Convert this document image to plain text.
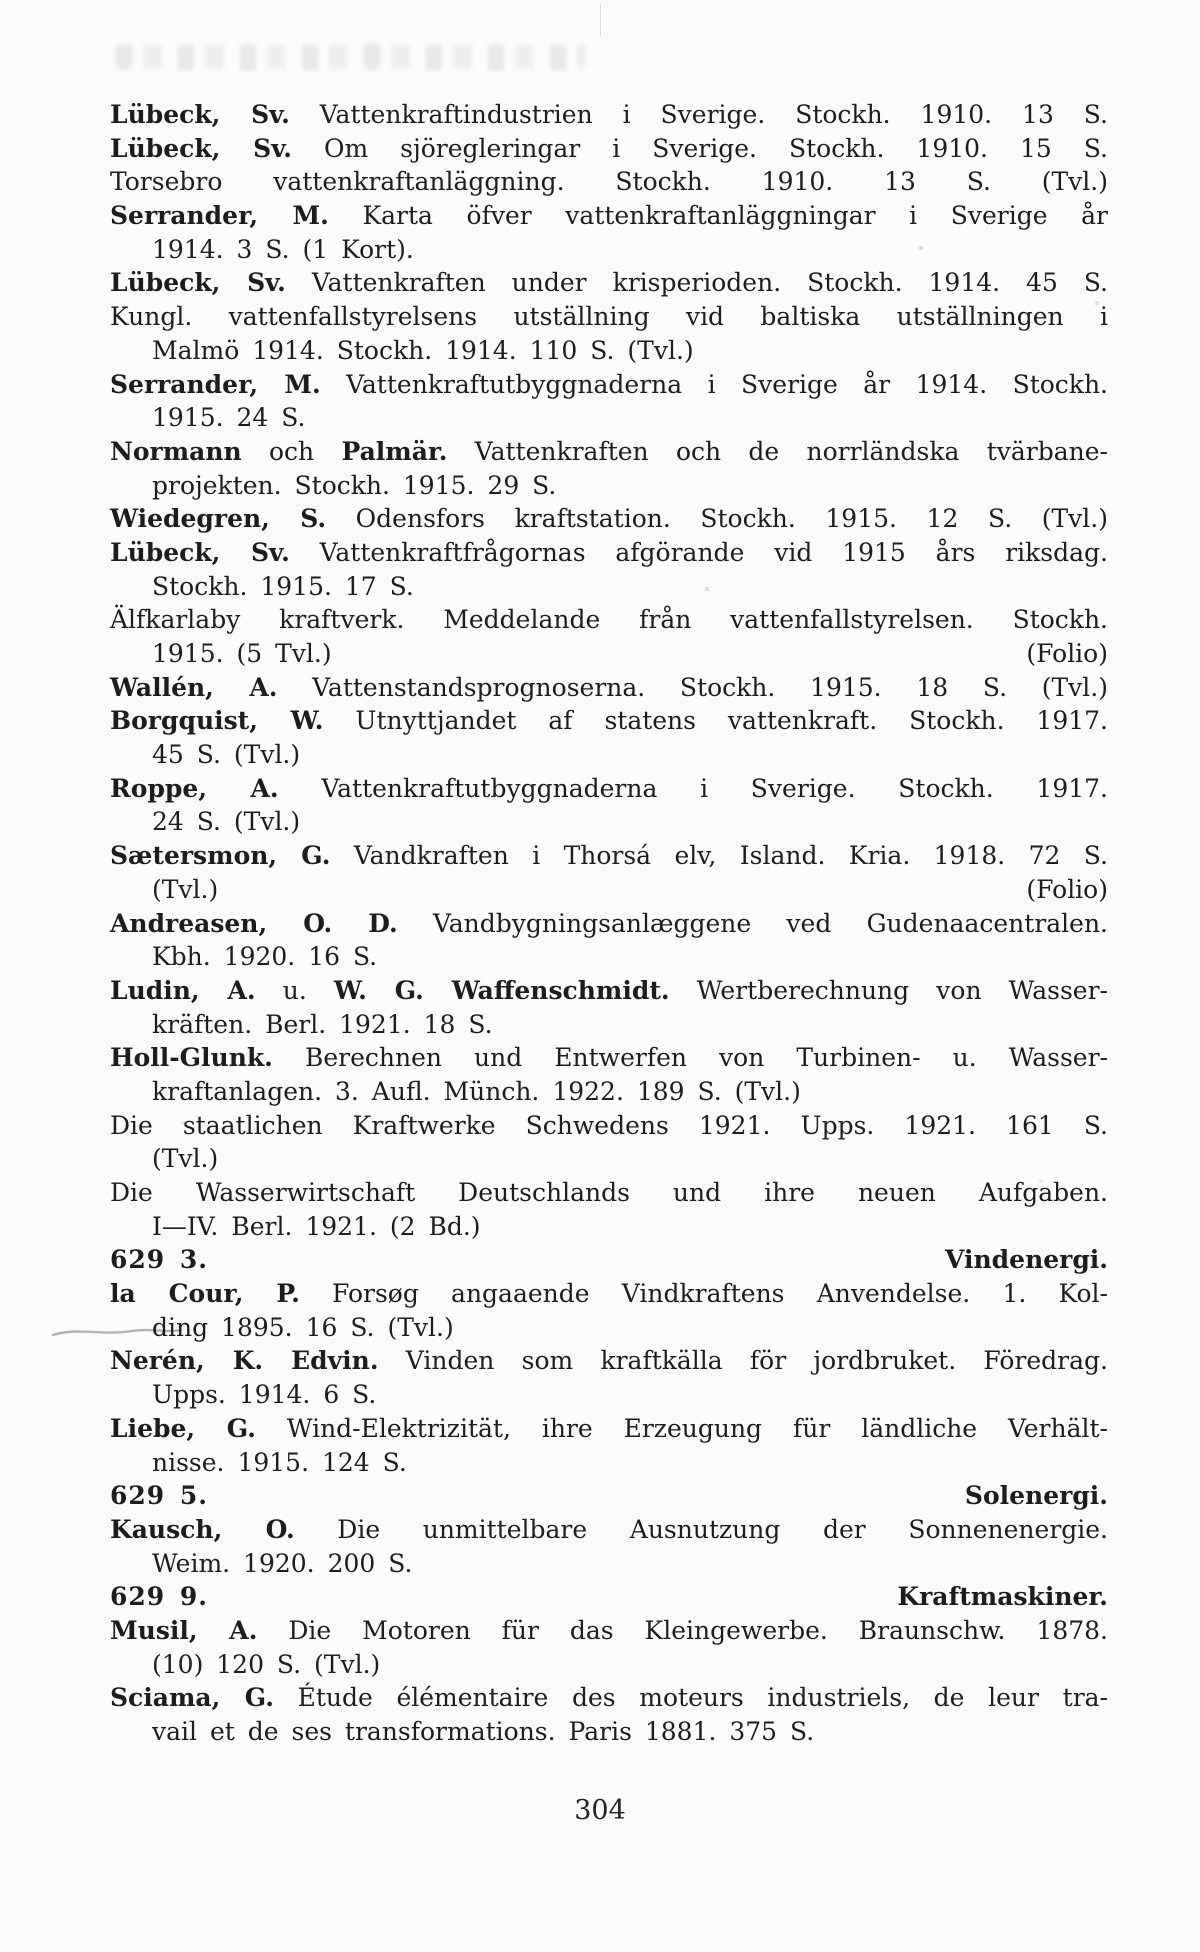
Lübeck, Sv. Vattenkraftindustrien i Sverige. Stockh. 1910. 13 S.
Lübeck, Sv. Om sjöregleringar i Sverige. Stockh. 1910. 15 S.
Torsebro vattenkraftanläggning. Stockh. 1910. 13 S. (Tvl.)
Serrander, M. Karta öfver vattenkraftanläggningar i Sverige år
1914. 3 S. (1 Kort).
Lübeck, Sv. Vattenkraften under krisperioden. Stockh. 1914. 45 S.
Kungl. vattenfallstyrelsens utställning vid baltiska utställningen i
Malmö 1914. Stockh. 1914. 110 S. (Tvl.)
Serrander, M. Vattenkraftutbyggnaderna i Sverige år 1914. Stockh.
1915. 24 S.
Normann och Palmär. Vattenkraften och de norrländska tvärbane-
projekten. Stockh. 1915. 29 S.
Wiedegren, S. Odensfors kraftstation. Stockh. 1915. 12 S. (Tvl.)
Lübeck, Sv. Vattenkraftfrågornas afgörande vid 1915 års riksdag.
Stockh. 1915. 17 S.
Älfkarlaby kraftverk. Meddelande från vattenfallstyrelsen. Stockh.
1915. (5 Tvl.)	(Folio)
Wallén, A. Vattenstandsprognoserna. Stockh. 1915. 18 S. (Tvl.)
Borgquist, W. Utnyttjandet af statens vattenkraft. Stockh. 1917.
45 S. (Tvl.)
Roppe, A. Vattenkraftutbyggnaderna i Sverige. Stockh. 1917.
24 S. (Tvl.)
Sætersmon, G. Vandkraften i Thorsá elv, Island. Kria. 1918. 72 S.
(Tvl.)	(Folio)
Andreasen, O. D. Vandbygningsanlæggene ved Gudenaacentralen.
Kbh. 1920. 16 S.
Ludin, A. u. W. G. Waffenschmidt. Wertberechnung von Wasser-
kräften. Berl. 1921. 18 S.
Holl-Glunk. Berechnen und Entwerfen von Turbinen- u. Wasser-
kraftanlagen. 3. Aufl. Münch. 1922. 189 S. (Tvl.)
Die staatlichen Kraftwerke Schwedens 1921. Upps. 1921. 161 S.
(Tvl.)
Die Wasserwirtschaft Deutschlands und ihre neuen Aufgaben.
I—IV. Berl. 1921. (2 Bd.)
629 3.	Vindenergi.
la Cour, P. Forsøg angaaende Vindkraftens Anvendelse. 1. Kol-
ding 1895. 16 S. (Tvl.)
Nerén, K. Edvin. Vinden som kraftkälla för jordbruket. Föredrag.
Upps. 1914. 6 S.
Liebe, G. Wind-Elektrizität, ihre Erzeugung für ländliche Verhält-
nisse. 1915. 124 S.
629 5.	Solenergi.
Kausch, O. Die unmittelbare Ausnutzung der Sonnenenergie.
Weim. 1920. 200 S.
629 9.	Kraftmaskiner.
Musil, A. Die Motoren für das Kleingewerbe. Braunschw. 1878.
(10) 120 S. (Tvl.)
Sciama, G. Étude élémentaire des moteurs industriels, de leur tra-
vail et de ses transformations. Paris 1881. 375 S.
304
